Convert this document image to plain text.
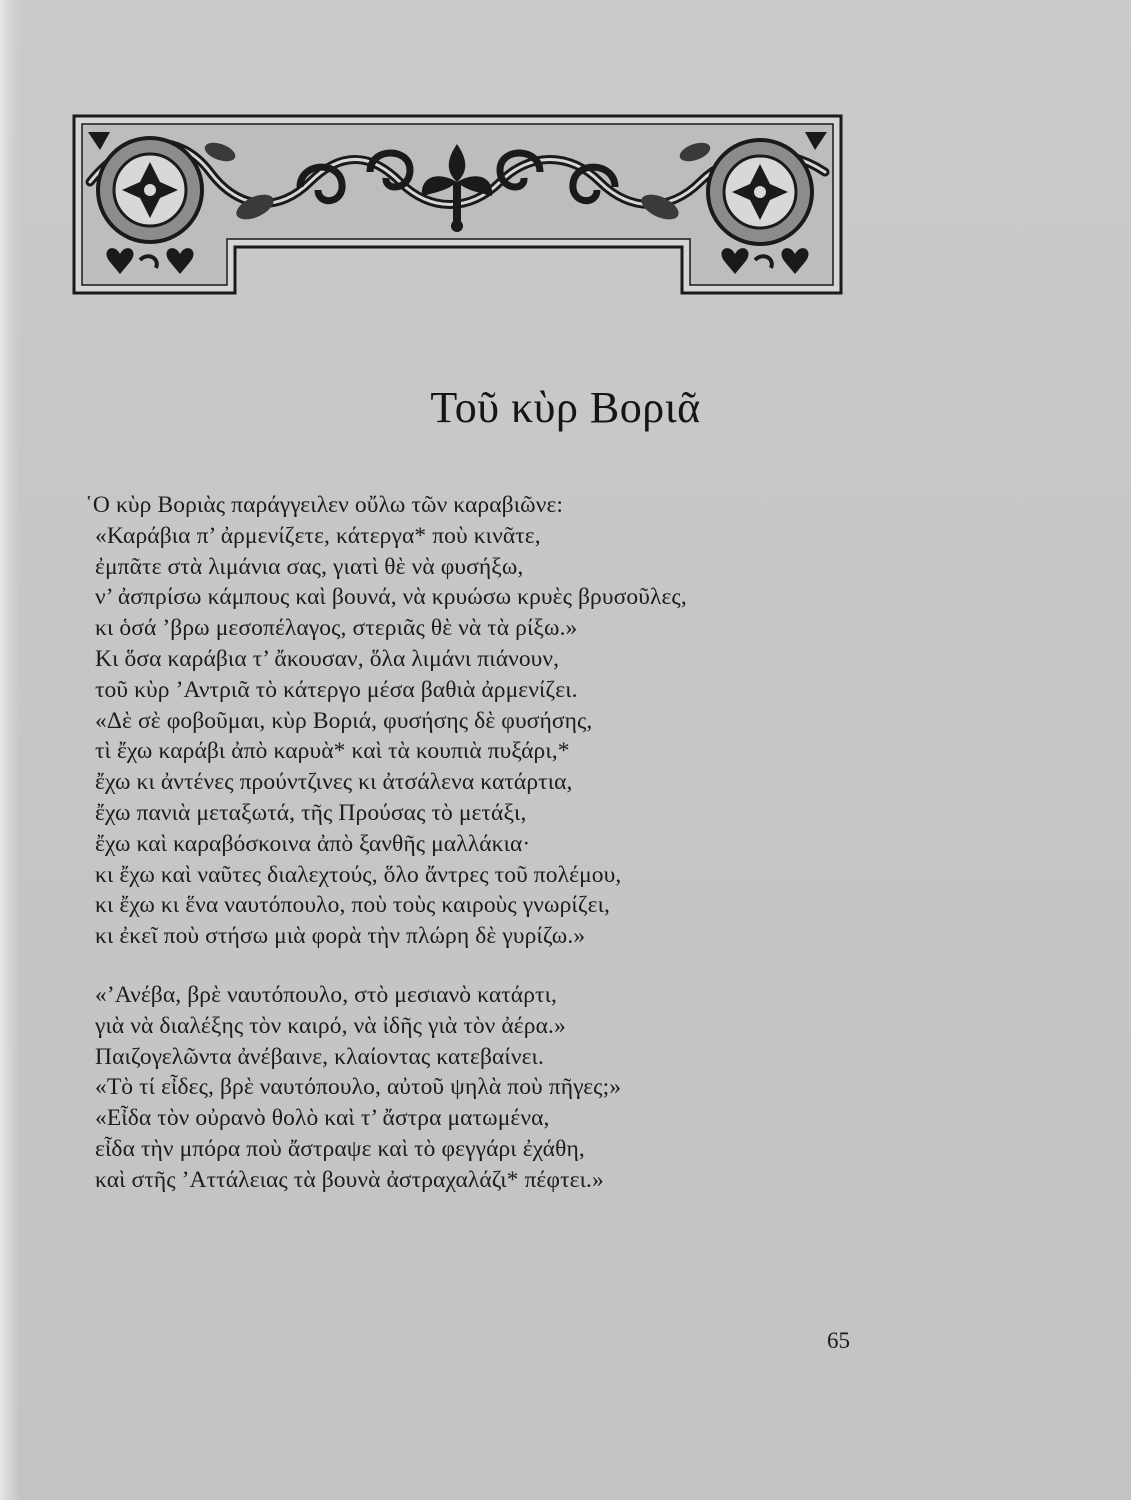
Τοῦ κὺρ Βοριᾶ
῾Ο κὺρ Βοριὰς παράγγειλεν οὔλω τῶν καραβιῶνε:
«Καράβια π’ ἀρμενίζετε, κάτεργα* ποὺ κινᾶτε,
ἐμπᾶτε στὰ λιμάνια σας, γιατὶ θὲ νὰ φυσήξω,
ν’ ἀσπρίσω κάμπους καὶ βουνά, νὰ κρυώσω κρυὲς βρυσοῦλες,
κι ὁσά ’βρω μεσοπέλαγος, στεριᾶς θὲ νὰ τὰ ρίξω.»
Κι ὅσα καράβια τ’ ἄκουσαν, ὅλα λιμάνι πιάνουν,
τοῦ κὺρ ’Αντριᾶ τὸ κάτεργο μέσα βαθιὰ ἀρμενίζει.
«Δὲ σὲ φοβοῦμαι, κὺρ Βοριά, φυσήσης δὲ φυσήσης,
τὶ ἔχω καράβι ἀπὸ καρυὰ* καὶ τὰ κουπιὰ πυξάρι,*
ἔχω κι ἀντένες προύντζινες κι ἀτσάλενα κατάρτια,
ἔχω πανιὰ μεταξωτά, τῆς Προύσας τὸ μετάξι,
ἔχω καὶ καραβόσκοινα ἀπὸ ξανθῆς μαλλάκια·
κι ἔχω καὶ ναῦτες διαλεχτούς, ὅλο ἄντρες τοῦ πολέμου,
κι ἔχω κι ἕνα ναυτόπουλο, ποὺ τοὺς καιροὺς γνωρίζει,
κι ἐκεῖ ποὺ στήσω μιὰ φορὰ τὴν πλώρη δὲ γυρίζω.»
«’Ανέβα, βρὲ ναυτόπουλο, στὸ μεσιανὸ κατάρτι,
γιὰ νὰ διαλέξης τὸν καιρό, νὰ ἰδῆς γιὰ τὸν ἀέρα.»
Παιζογελῶντα ἀνέβαινε, κλαίοντας κατεβαίνει.
«Τὸ τί εἶδες, βρὲ ναυτόπουλο, αὐτοῦ ψηλὰ ποὺ πῆγες;»
«Εἶδα τὸν οὐρανὸ θολὸ καὶ τ’ ἄστρα ματωμένα,
εἶδα τὴν μπόρα ποὺ ἄστραψε καὶ τὸ φεγγάρι ἐχάθη,
καὶ στῆς ’Αττάλειας τὰ βουνὰ ἀστραχαλάζι* πέφτει.»
65
